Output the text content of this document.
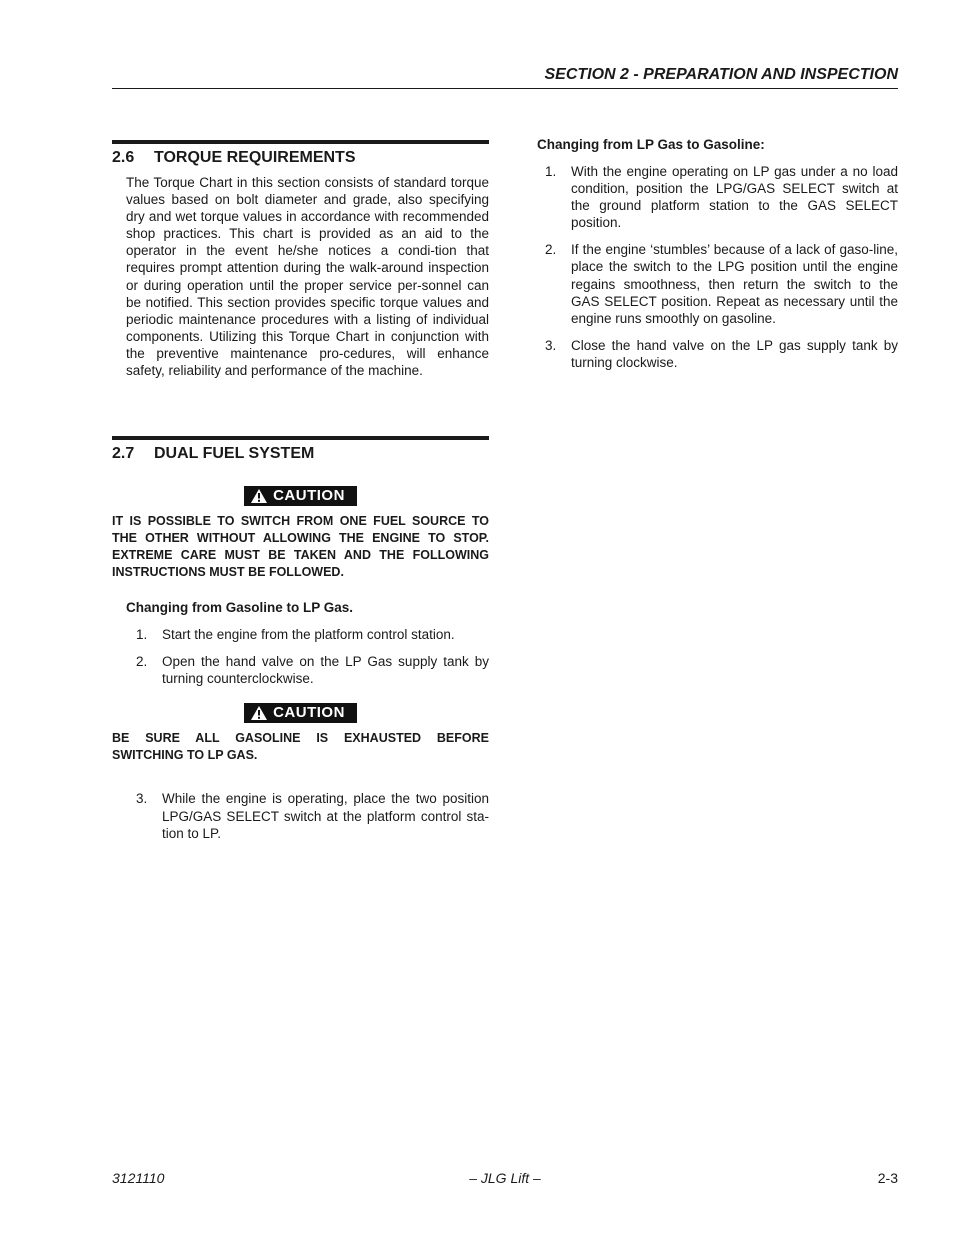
SECTION 2 - PREPARATION AND INSPECTION
2.6	TORQUE REQUIREMENTS

The Torque Chart in this section consists of standard torque values based on bolt diameter and grade, also specifying dry and wet torque values in accordance with recommended shop practices. This chart is provided as an aid to the operator in the event he/she notices a condi-tion that requires prompt attention during the walk-around inspection or during operation until the proper service per-sonnel can be notified. This section provides specific torque values and periodic maintenance procedures with a listing of individual components. Utilizing this Torque Chart in conjunction with the preventive maintenance pro-cedures, will enhance safety, reliability and performance of the machine.

2.7	DUAL FUEL SYSTEM
CAUTION
IT IS POSSIBLE TO SWITCH FROM ONE FUEL SOURCE TO THE OTHER WITHOUT ALLOWING THE ENGINE TO STOP. EXTREME CARE MUST BE TAKEN AND THE FOLLOWING INSTRUCTIONS MUST BE FOLLOWED.
Changing from Gasoline to LP Gas.
1.	Start the engine from the platform control station.
2.	Open the hand valve on the LP Gas supply tank by turning counterclockwise.
CAUTION
BE SURE ALL GASOLINE IS EXHAUSTED BEFORE SWITCHING TO LP GAS.
3.	While the engine is operating, place the two position LPG/GAS SELECT switch at the platform control sta-tion to LP.
Changing from LP Gas to Gasoline:
1.	With the engine operating on LP gas under a no load condition, position the LPG/GAS SELECT switch at the ground platform station to the GAS SELECT position.
2.	If the engine ‘stumbles’ because of a lack of gaso-line, place the switch to the LPG position until the engine regains smoothness, then return the switch to the GAS SELECT position. Repeat as necessary until the engine runs smoothly on gasoline.
3.	Close the hand valve on the LP gas supply tank by turning clockwise.
3121110	– JLG Lift –	2-3
